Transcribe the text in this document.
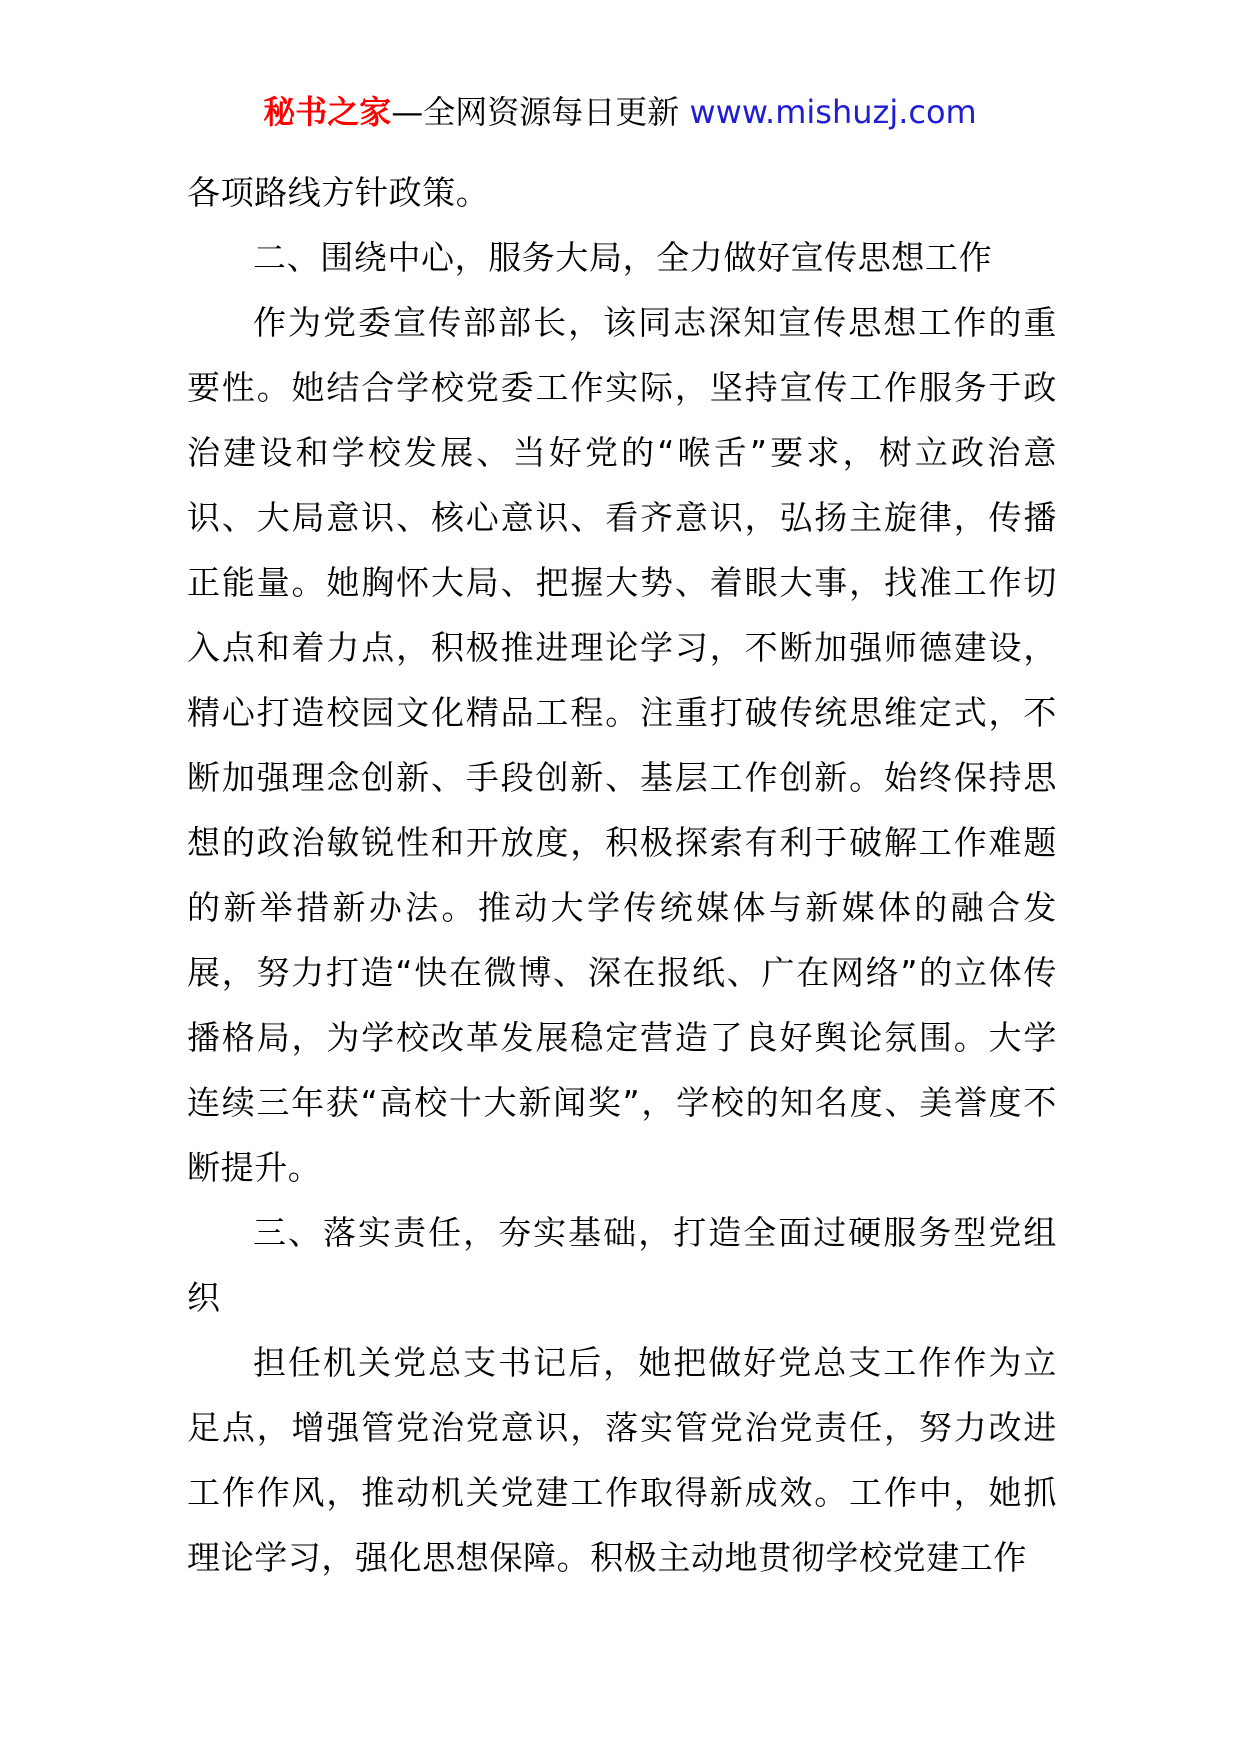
秘书之家—全网资源每日更新 www.mishuzj.com

各项路线方针政策。

二、围绕中心，服务大局，全力做好宣传思想工作

作为党委宣传部部长，该同志深知宣传思想工作的重要性。她结合学校党委工作实际，坚持宣传工作服务于政治建设和学校发展、当好党的“喉舌”要求，树立政治意识、大局意识、核心意识、看齐意识，弘扬主旋律，传播正能量。她胸怀大局、把握大势、着眼大事，找准工作切入点和着力点，积极推进理论学习，不断加强师德建设，精心打造校园文化精品工程。注重打破传统思维定式，不断加强理念创新、手段创新、基层工作创新。始终保持思想的政治敏锐性和开放度，积极探索有利于破解工作难题的新举措新办法。推动大学传统媒体与新媒体的融合发展，努力打造“快在微博、深在报纸、广在网络”的立体传播格局，为学校改革发展稳定营造了良好舆论氛围。大学连续三年获“高校十大新闻奖”，学校的知名度、美誉度不断提升。

三、落实责任，夯实基础，打造全面过硬服务型党组织

担任机关党总支书记后，她把做好党总支工作作为立足点，增强管党治党意识，落实管党治党责任，努力改进工作作风，推动机关党建工作取得新成效。工作中，她抓理论学习，强化思想保障。积极主动地贯彻学校党建工作
